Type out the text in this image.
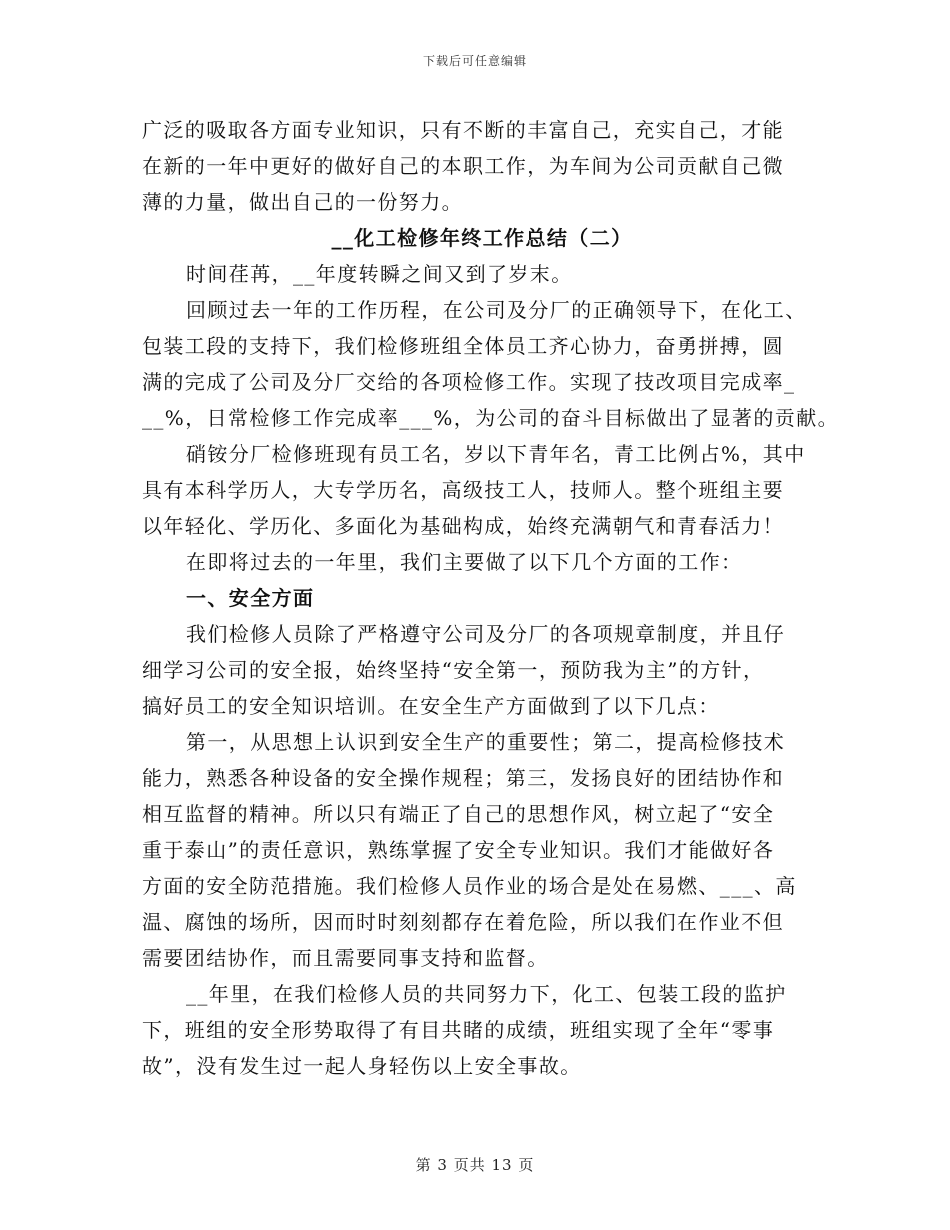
下载后可任意编辑
广泛的吸取各方面专业知识，只有不断的丰富自己，充实自己，才能
在新的一年中更好的做好自己的本职工作，为车间为公司贡献自己微
薄的力量，做出自己的一份努力。
__化工检修年终工作总结（二）
时间荏苒，__年度转瞬之间又到了岁末。
回顾过去一年的工作历程，在公司及分厂的正确领导下，在化工、
包装工段的支持下，我们检修班组全体员工齐心协力，奋勇拼搏，圆
满的完成了公司及分厂交给的各项检修工作。实现了技改项目完成率_
__%，日常检修工作完成率___%，为公司的奋斗目标做出了显著的贡献。
硝铵分厂检修班现有员工名，岁以下青年名，青工比例占%，其中
具有本科学历人，大专学历名，高级技工人，技师人。整个班组主要
以年轻化、学历化、多面化为基础构成，始终充满朝气和青春活力！
在即将过去的一年里，我们主要做了以下几个方面的工作：
一、安全方面
我们检修人员除了严格遵守公司及分厂的各项规章制度，并且仔
细学习公司的安全报，始终坚持“安全第一，预防我为主”的方针，
搞好员工的安全知识培训。在安全生产方面做到了以下几点：
第一，从思想上认识到安全生产的重要性；第二，提高检修技术
能力，熟悉各种设备的安全操作规程；第三，发扬良好的团结协作和
相互监督的精神。所以只有端正了自己的思想作风，树立起了“安全
重于泰山”的责任意识，熟练掌握了安全专业知识。我们才能做好各
方面的安全防范措施。我们检修人员作业的场合是处在易燃、___、高
温、腐蚀的场所，因而时时刻刻都存在着危险，所以我们在作业不但
需要团结协作，而且需要同事支持和监督。
__年里，在我们检修人员的共同努力下，化工、包装工段的监护
下，班组的安全形势取得了有目共睹的成绩，班组实现了全年“零事
故”，没有发生过一起人身轻伤以上安全事故。
第 3 页共 13 页
